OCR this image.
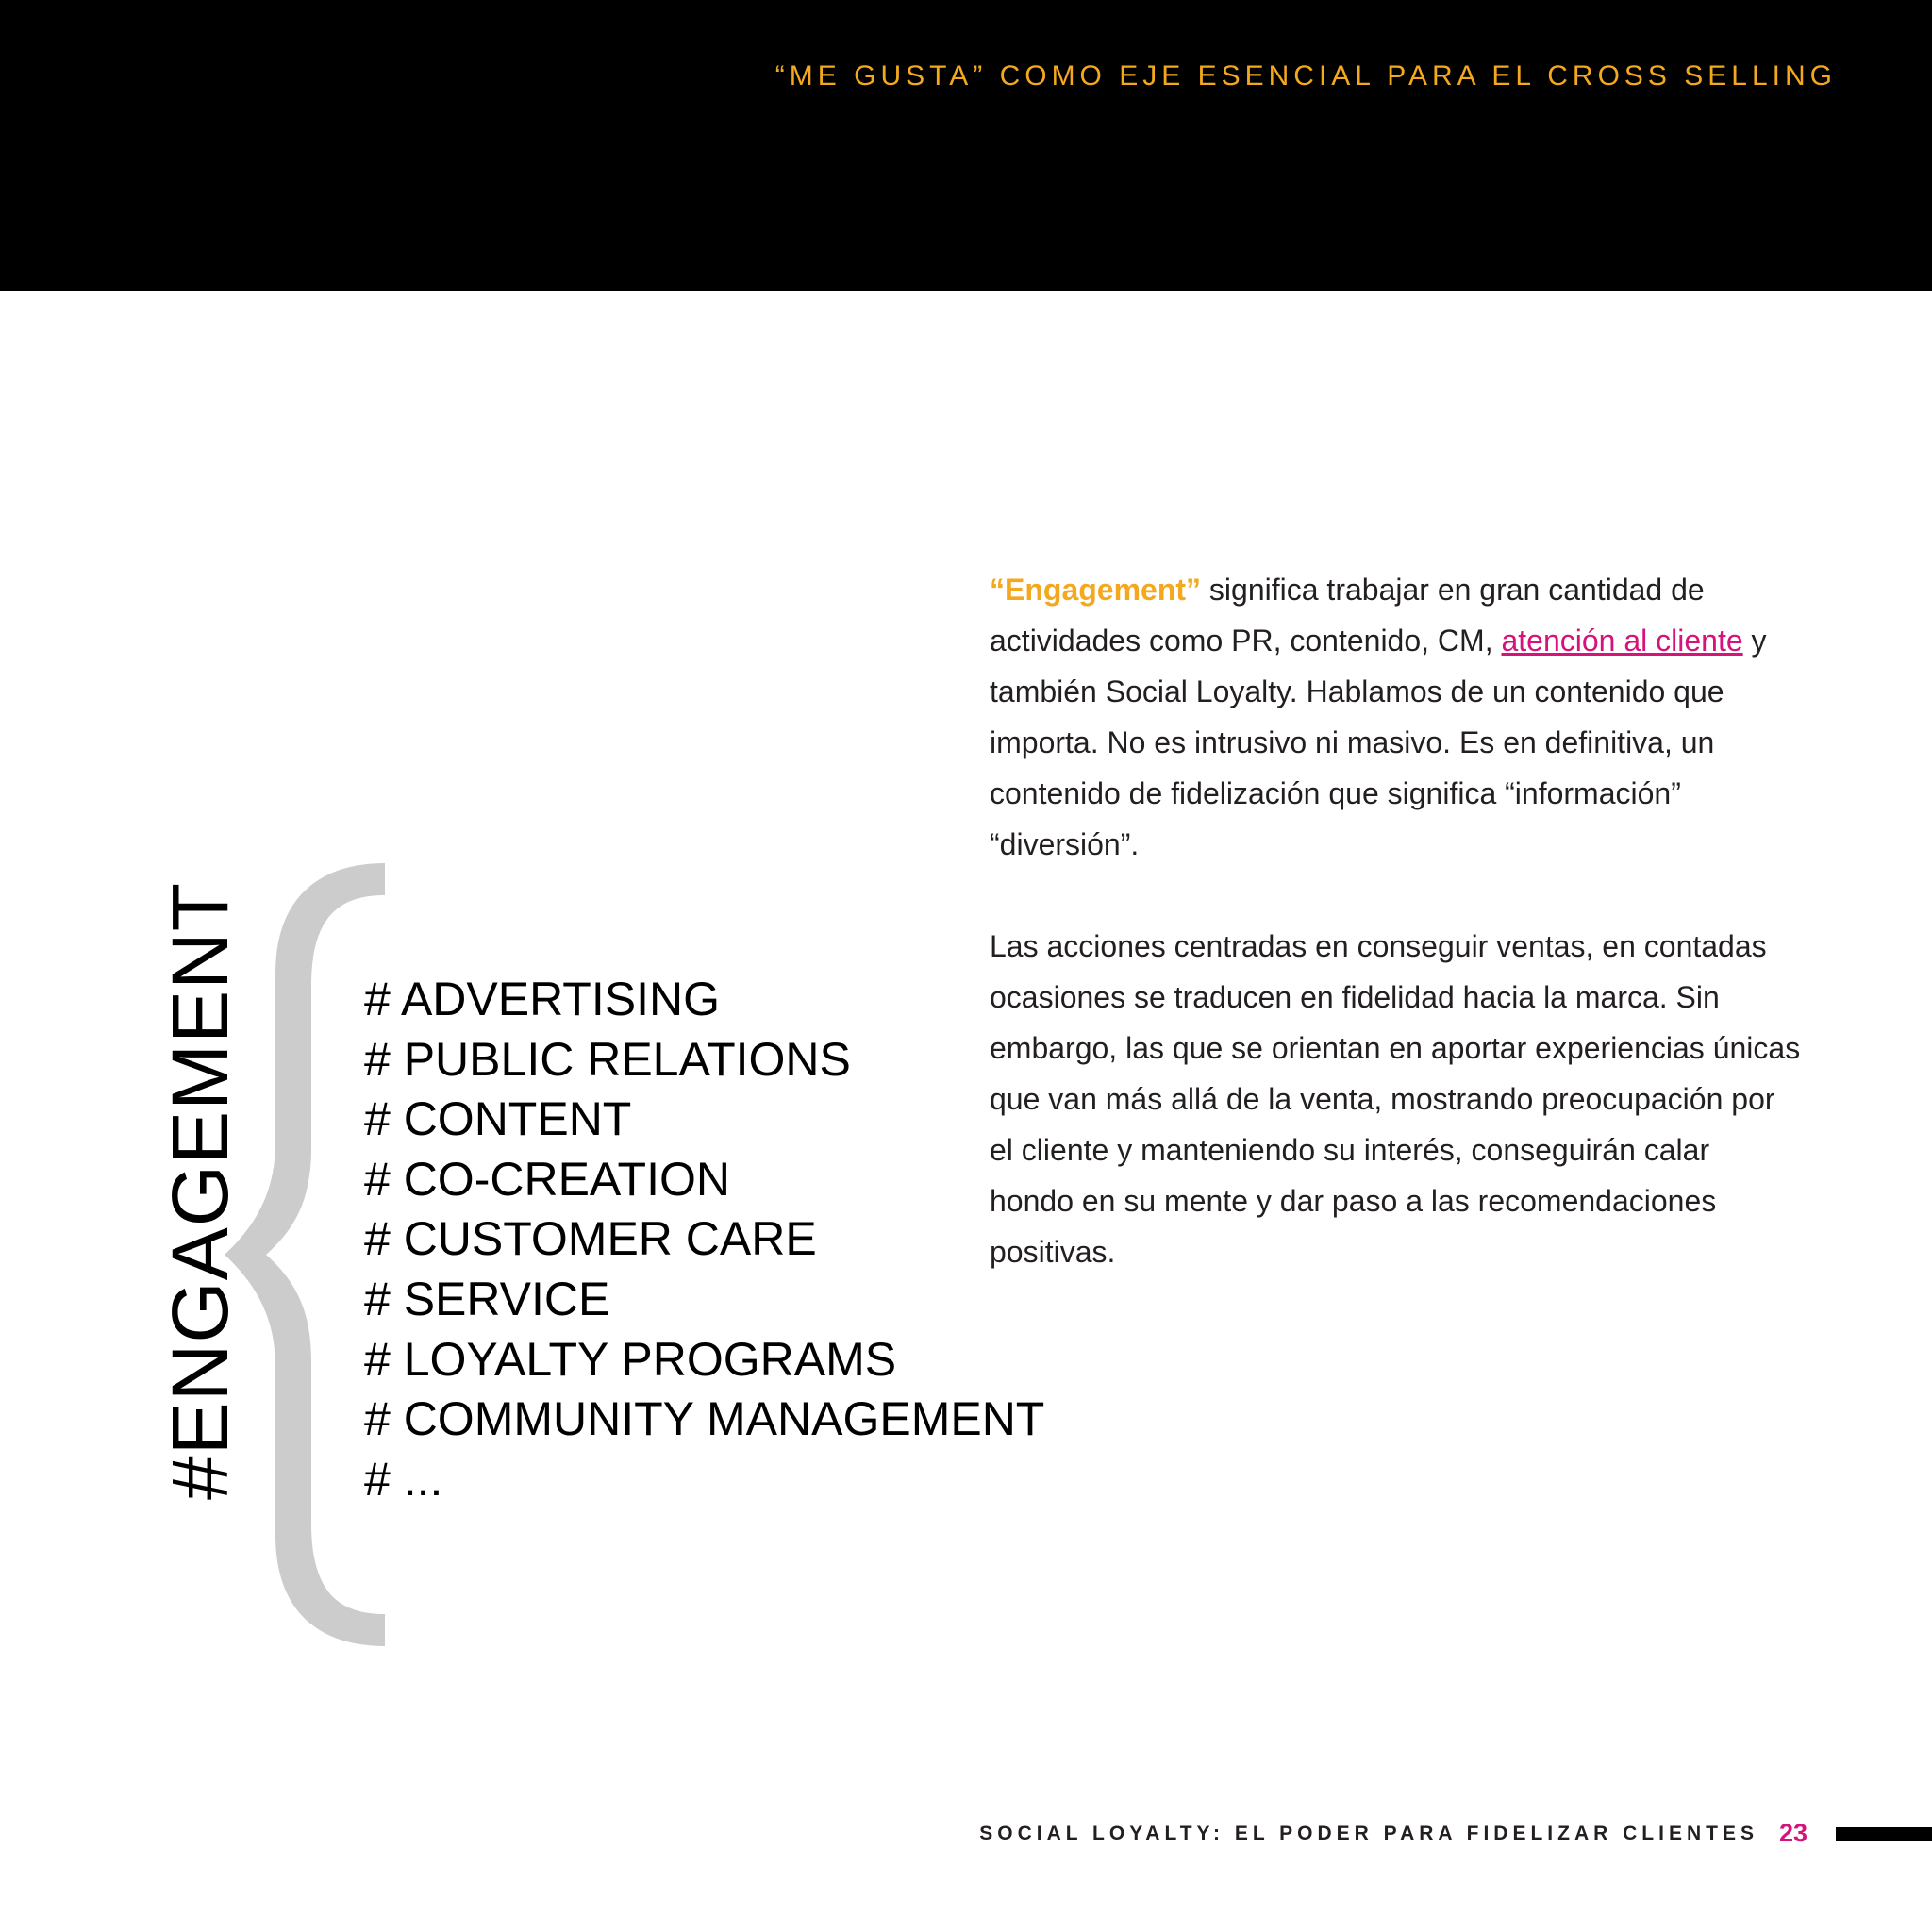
“ME GUSTA” COMO EJE ESENCIAL PARA EL CROSS SELLING
#ENGAGEMENT	# ADVERTISING
# PUBLIC RELATIONS
# CONTENT
# CO-CREATION
# CUSTOMER CARE
# SERVICE
# LOYALTY PROGRAMS
# COMMUNITY MANAGEMENT
# ...

“Engagement” significa trabajar en gran cantidad de actividades como PR, contenido, CM, atención al cliente y también Social Loyalty. Hablamos de un contenido que importa. No es intrusivo ni masivo. Es en definitiva, un contenido de fidelización que significa “información” “diversión”.

Las acciones centradas en conseguir ventas, en contadas ocasiones se traducen en fidelidad hacia la marca. Sin embargo, las que se orientan en aportar experiencias únicas que van más allá de la venta, mostrando preocupación por el cliente y manteniendo su interés, conseguirán calar hondo en su mente y dar paso a las recomendaciones positivas.

SOCIAL LOYALTY: EL PODER PARA FIDELIZAR CLIENTES 23
